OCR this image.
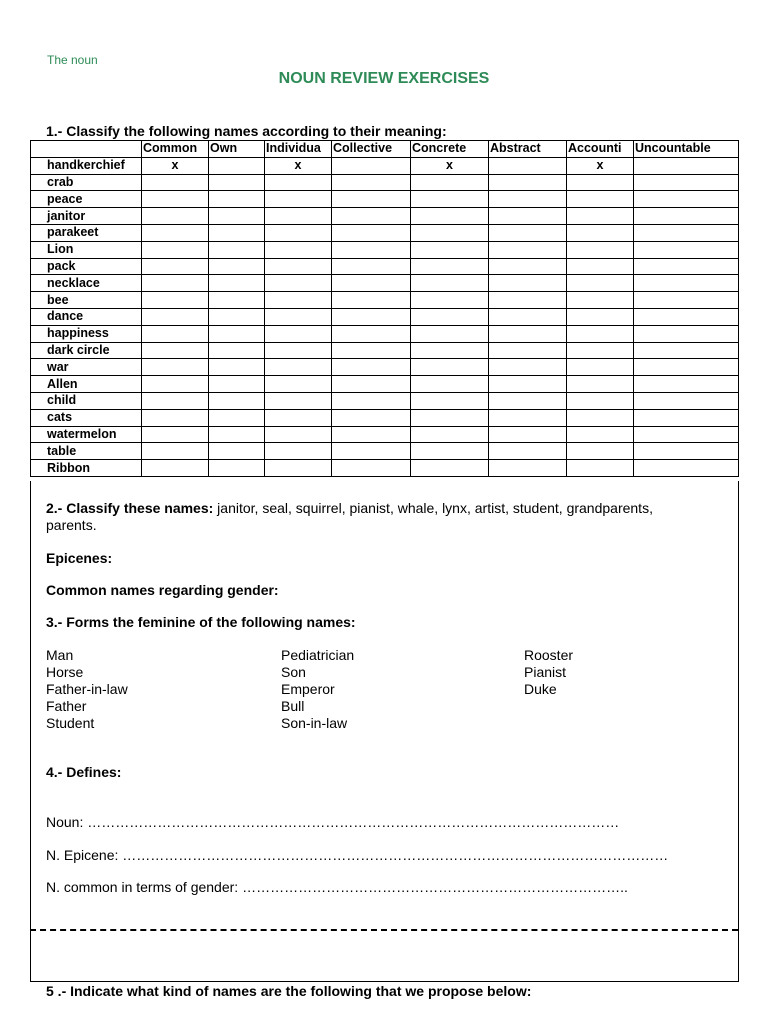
The noun
NOUN REVIEW EXERCISES
1.- Classify the following names according to their meaning:
	Common	Own	Individua	Collective	Concrete	Abstract	Accounti	Uncountable
handkerchief	x		x		x		x	
crab								
peace								
janitor								
parakeet								
Lion								
pack								
necklace								
bee								
dance								
happiness								
dark circle								
war								
Allen								
child								
cats								
watermelon								
table								
Ribbon								
2.- Classify these names: janitor, seal, squirrel, pianist, whale, lynx, artist, student, grandparents,
parents.
Epicenes:
Common names regarding gender:
3.- Forms the feminine of the following names:
Man
Horse
Father-in-law
Father
Student
Pediatrician
Son
Emperor
Bull
Son-in-law
Rooster
Pianist
Duke
4.- Defines:
Noun: ……………………………………………………………………………………………………
N. Epicene: ………………………………………………………………………………………………………
N. common in terms of gender: ………………………………………………………………………..
5 .- Indicate what kind of names are the following that we propose below:
